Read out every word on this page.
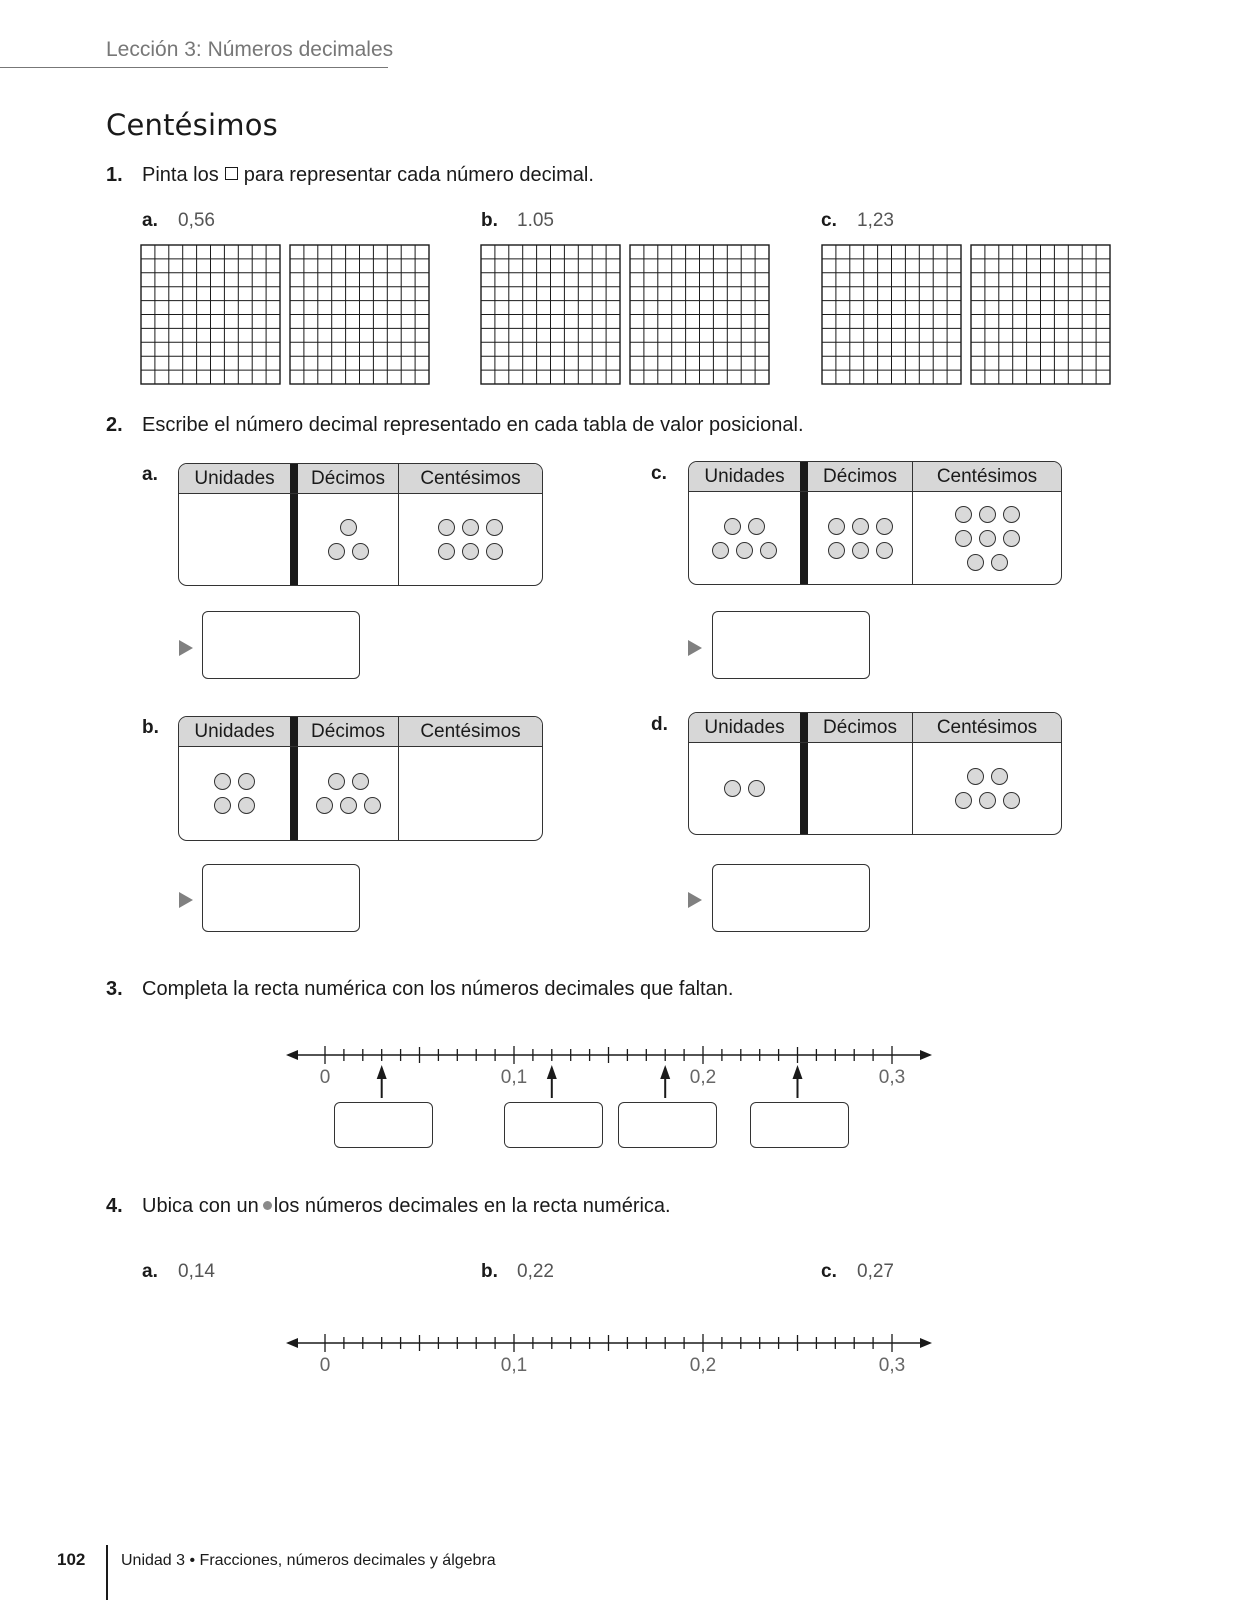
Lección 3: Números decimales
Centésimos
1. Pinta los para representar cada número decimal.
a. 0,56	b. 1.05	c. 1,23
2. Escribe el número decimal representado en cada tabla de valor posicional.
a.	Unidades	Décimos	Centésimos
,
b.	Unidades	Décimos	Centésimos
,
c.	Unidades	Décimos	Centésimos
,
d.	Unidades	Décimos	Centésimos
,
3. Completa la recta numérica con los números decimales que faltan.
0	0,1	0,2	0,3
4. Ubica con un los números decimales en la recta numérica.
a. 0,14	b. 0,22	c. 0,27
0	0,1	0,2	0,3
102 Unidad 3 • Fracciones, números decimales y álgebra
